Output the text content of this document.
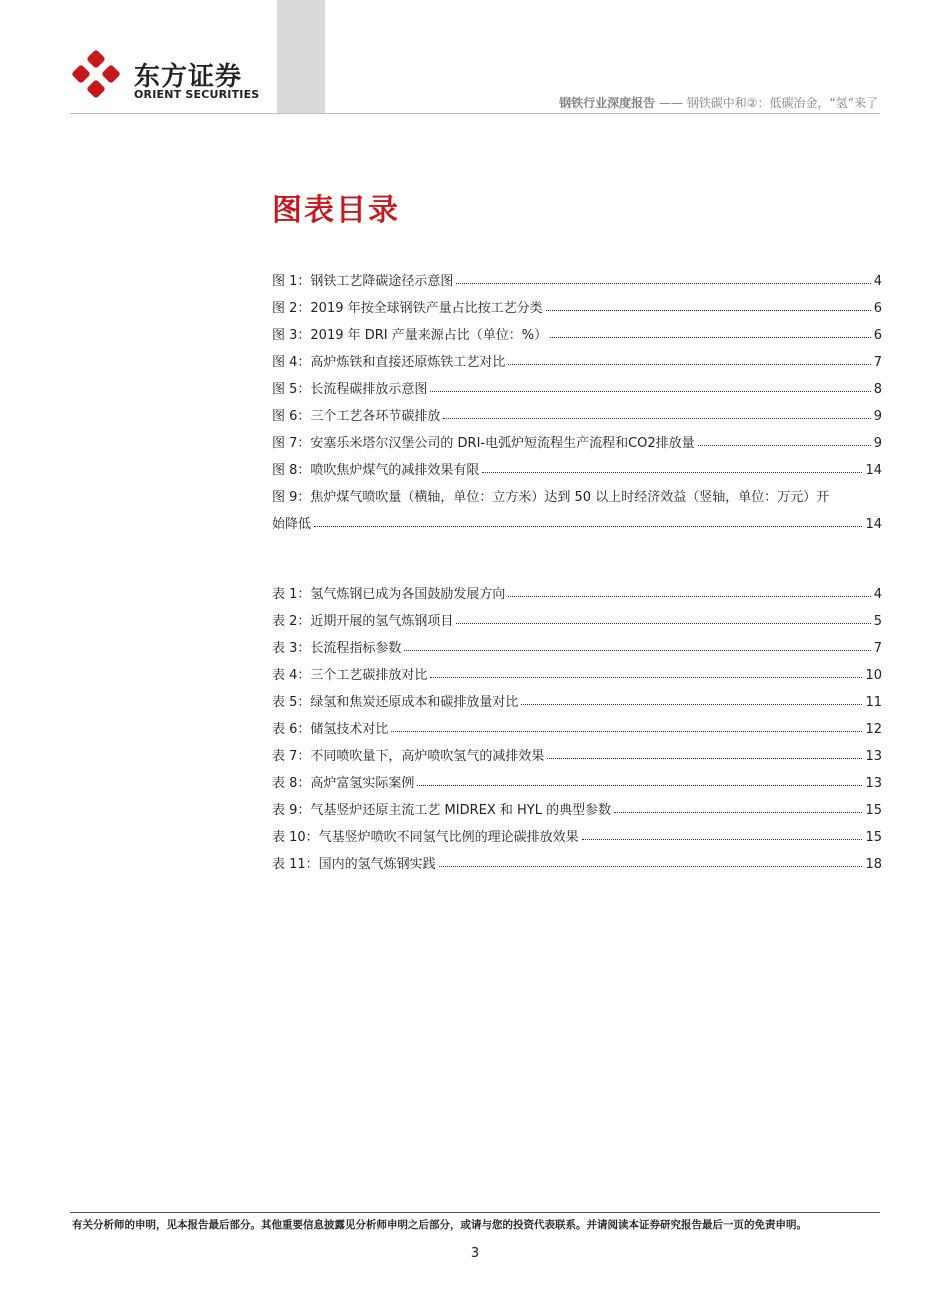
东方证券
ORIENT SECURITIES
钢铁行业深度报告 —— 钢铁碳中和②：低碳冶金，“氢”来了
图表目录
图 1：钢铁工艺降碳途径示意图	4
图 2：2019 年按全球钢铁产量占比按工艺分类	6
图 3：2019 年 DRI 产量来源占比（单位：%）	6
图 4：高炉炼铁和直接还原炼铁工艺对比	7
图 5：长流程碳排放示意图	8
图 6：三个工艺各环节碳排放	9
图 7：安塞乐米塔尔汉堡公司的 DRI-电弧炉短流程生产流程和CO2排放量	9
图 8：喷吹焦炉煤气的减排效果有限	14
图 9：焦炉煤气喷吹量（横轴，单位：立方米）达到 50 以上时经济效益（竖轴，单位：万元）开
始降低	14
表 1：氢气炼钢已成为各国鼓励发展方向	4
表 2：近期开展的氢气炼钢项目	5
表 3：长流程指标参数	7
表 4：三个工艺碳排放对比	10
表 5：绿氢和焦炭还原成本和碳排放量对比	11
表 6：储氢技术对比	12
表 7：不同喷吹量下，高炉喷吹氢气的减排效果	13
表 8：高炉富氢实际案例	13
表 9：气基竖炉还原主流工艺 MIDREX 和 HYL 的典型参数	15
表 10：气基竖炉喷吹不同氢气比例的理论碳排放效果	15
表 11：国内的氢气炼钢实践	18
有关分析师的申明，见本报告最后部分。其他重要信息披露见分析师申明之后部分，或请与您的投资代表联系。并请阅读本证券研究报告最后一页的免责申明。
3
